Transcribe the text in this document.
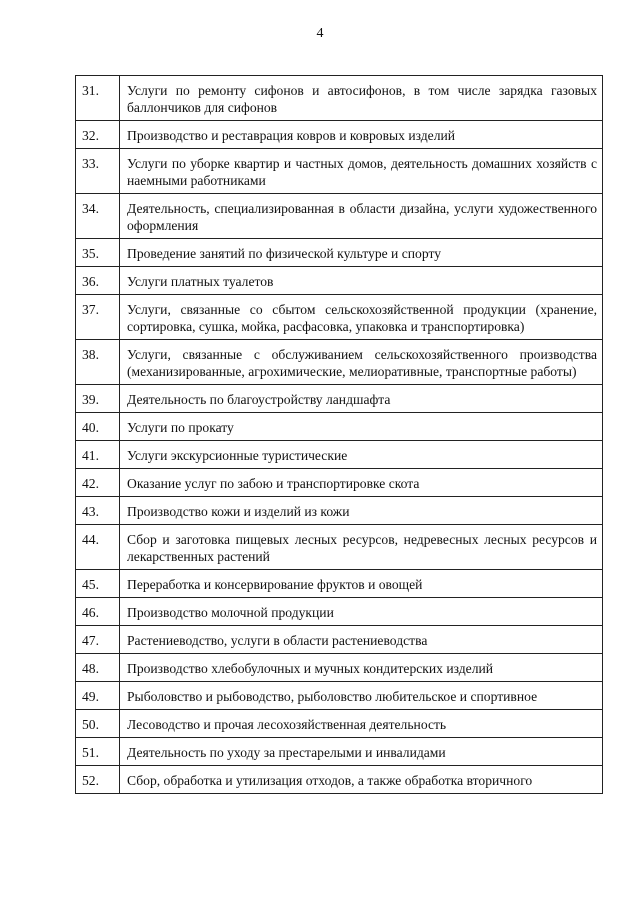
4
31.	Услуги по ремонту сифонов и автосифонов, в том числе зарядка газовых баллончиков для сифонов
32.	Производство и реставрация ковров и ковровых изделий
33.	Услуги по уборке квартир и частных домов, деятельность домашних хозяйств с наемными работниками
34.	Деятельность, специализированная в области дизайна, услуги художественного оформления
35.	Проведение занятий по физической культуре и спорту
36.	Услуги платных туалетов
37.	Услуги, связанные со сбытом сельскохозяйственной продукции (хранение, сортировка, сушка, мойка, расфасовка, упаковка и транспортировка)
38.	Услуги, связанные с обслуживанием сельскохозяйственного производства (механизированные, агрохимические, мелиоративные, транспортные работы)
39.	Деятельность по благоустройству ландшафта
40.	Услуги по прокату
41.	Услуги экскурсионные туристические
42.	Оказание услуг по забою и транспортировке скота
43.	Производство кожи и изделий из кожи
44.	Сбор и заготовка пищевых лесных ресурсов, недревесных лесных ресурсов и лекарственных растений
45.	Переработка и консервирование фруктов и овощей
46.	Производство молочной продукции
47.	Растениеводство, услуги в области растениеводства
48.	Производство хлебобулочных и мучных кондитерских изделий
49.	Рыболовство и рыбоводство, рыболовство любительское и спортивное
50.	Лесоводство и прочая лесохозяйственная деятельность
51.	Деятельность по уходу за престарелыми и инвалидами
52.	Сбор, обработка и утилизация отходов, а также обработка вторичного
